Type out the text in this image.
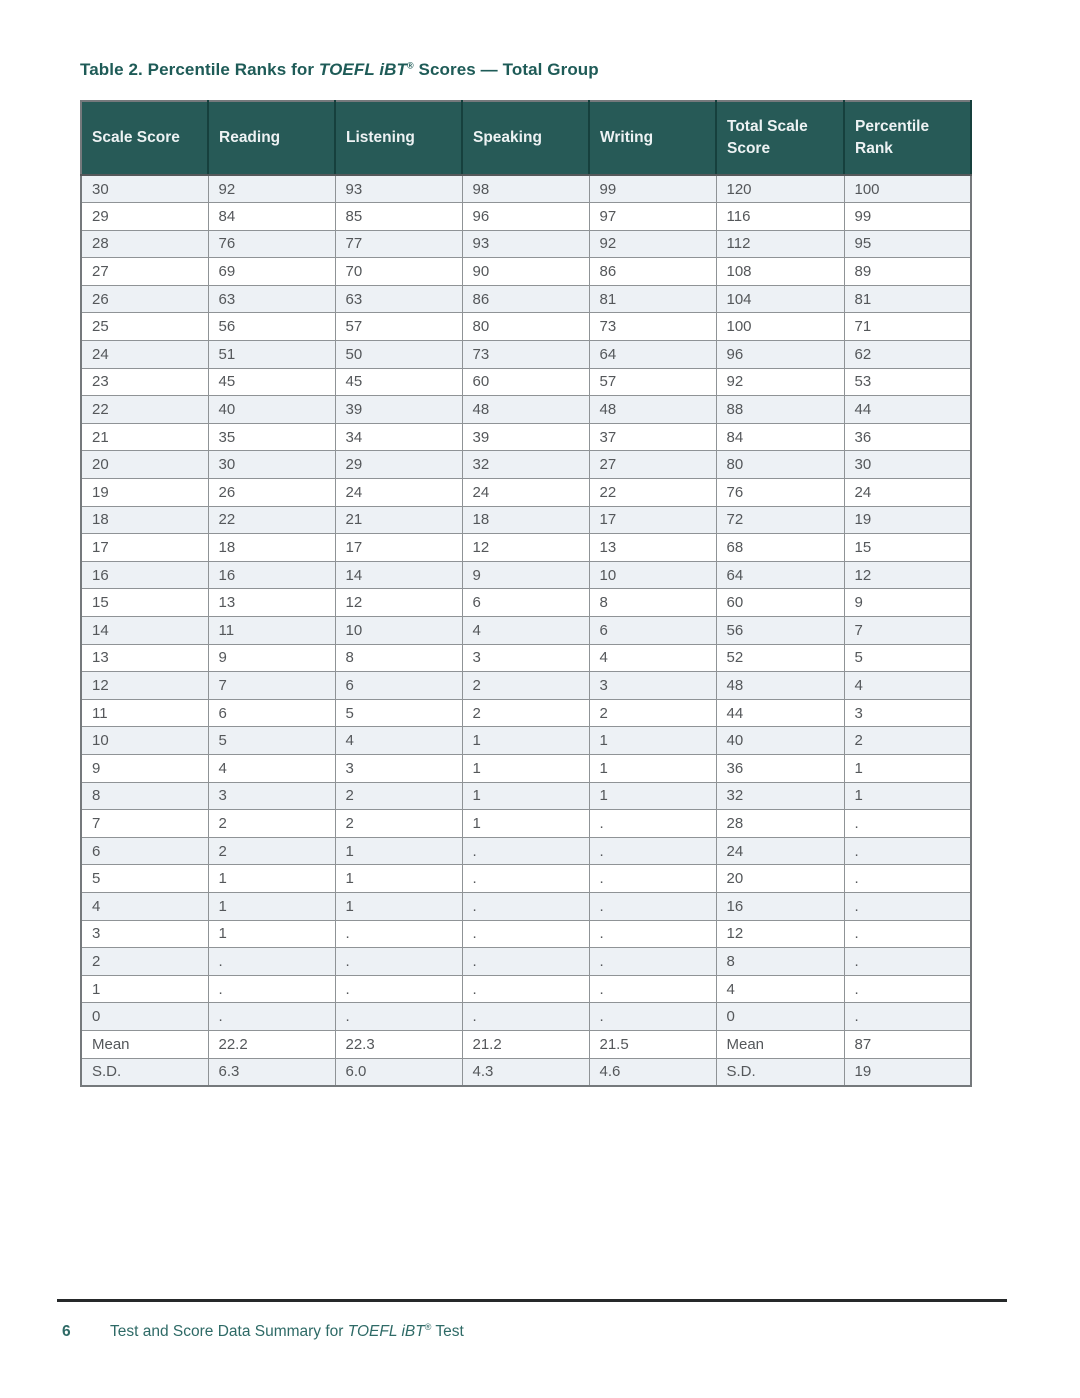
Table 2. Percentile Ranks for TOEFL iBT® Scores — Total Group
Scale Score	Reading	Listening	Speaking	Writing	Total Scale Score	Percentile Rank
30	92	93	98	99	120	100
29	84	85	96	97	116	99
28	76	77	93	92	112	95
27	69	70	90	86	108	89
26	63	63	86	81	104	81
25	56	57	80	73	100	71
24	51	50	73	64	96	62
23	45	45	60	57	92	53
22	40	39	48	48	88	44
21	35	34	39	37	84	36
20	30	29	32	27	80	30
19	26	24	24	22	76	24
18	22	21	18	17	72	19
17	18	17	12	13	68	15
16	16	14	9	10	64	12
15	13	12	6	8	60	9
14	11	10	4	6	56	7
13	9	8	3	4	52	5
12	7	6	2	3	48	4
11	6	5	2	2	44	3
10	5	4	1	1	40	2
9	4	3	1	1	36	1
8	3	2	1	1	32	1
7	2	2	1	.	28	.
6	2	1	.	.	24	.
5	1	1	.	.	20	.
4	1	1	.	.	16	.
3	1	.	.	.	12	.
2	.	.	.	.	8	.
1	.	.	.	.	4	.
0	.	.	.	.	0	.
Mean	22.2	22.3	21.2	21.5	Mean	87
S.D.	6.3	6.0	4.3	4.6	S.D.	19
6	Test and Score Data Summary for TOEFL iBT® Test
